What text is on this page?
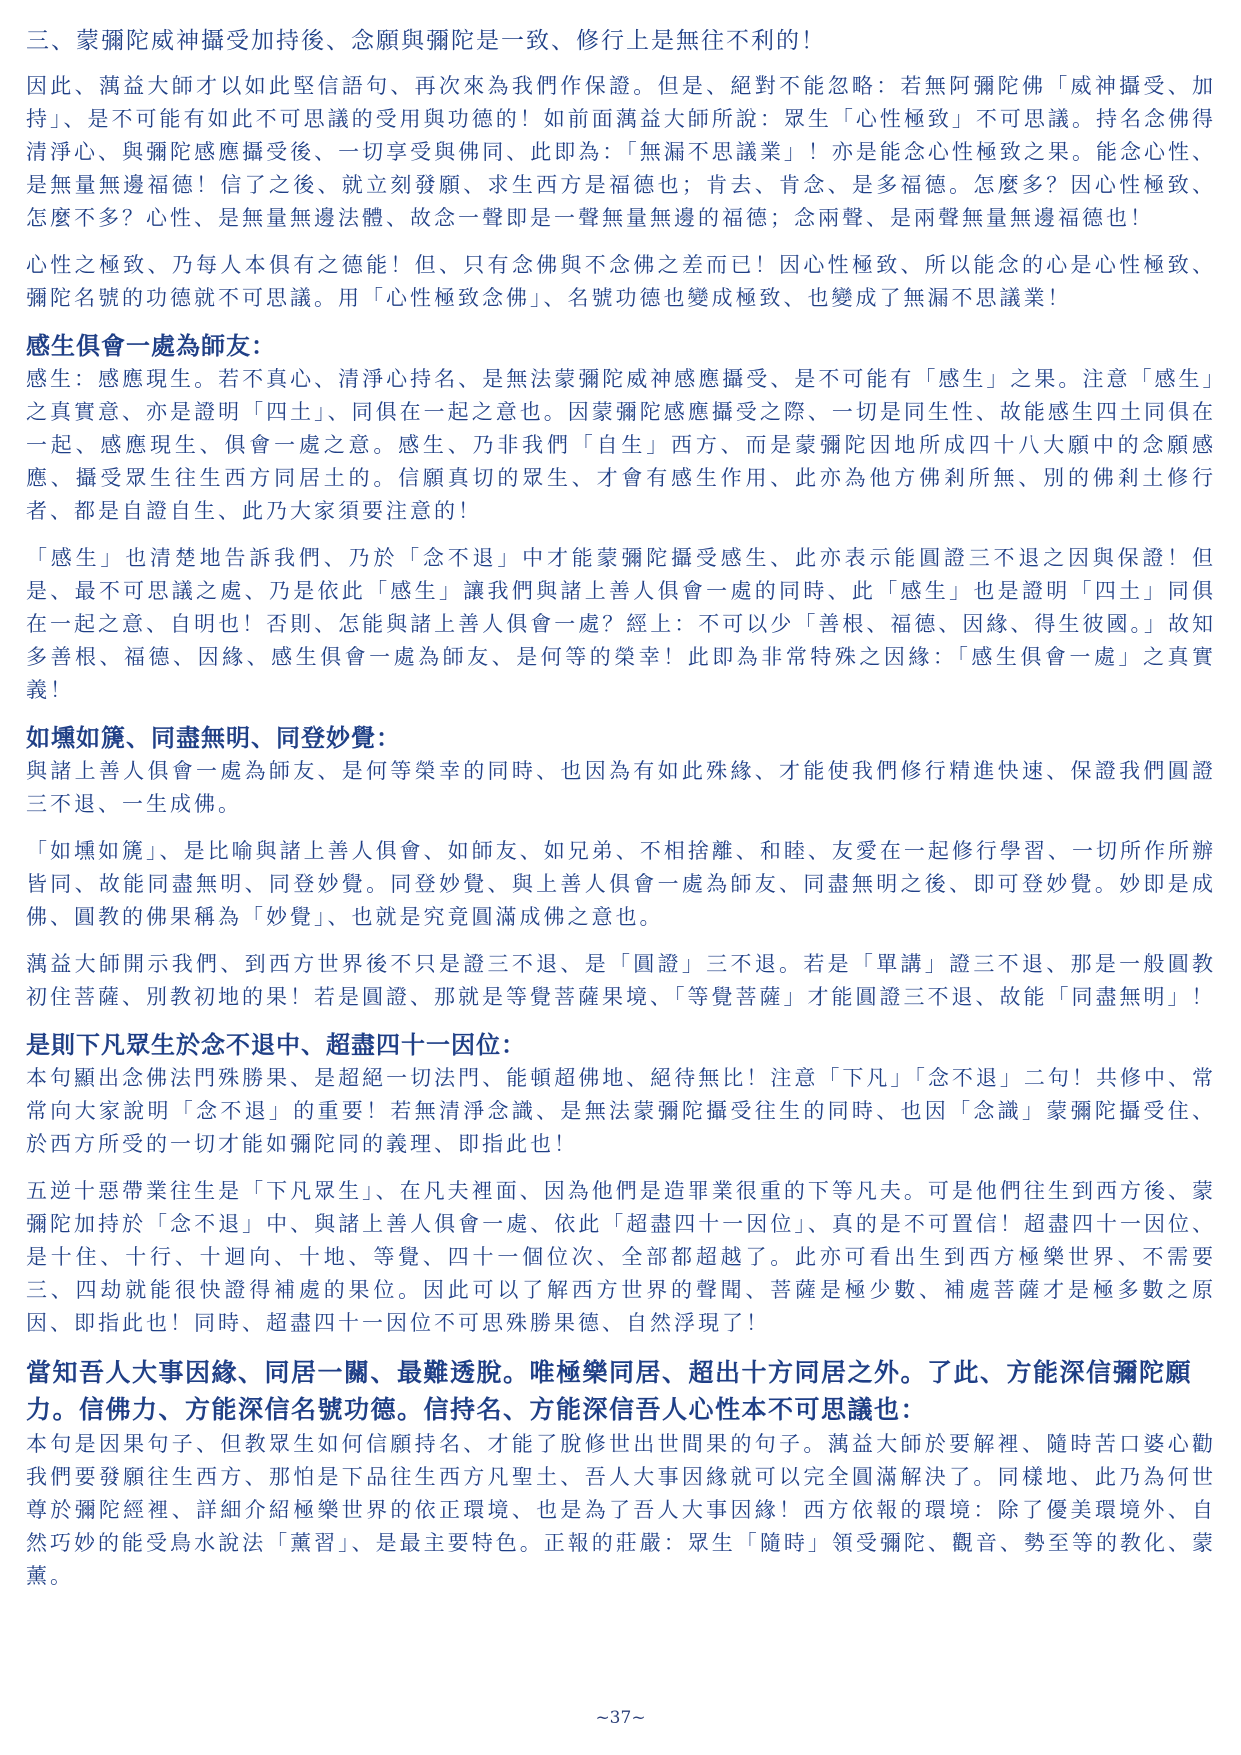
三、蒙彌陀威神攝受加持後、念願與彌陀是一致、修行上是無往不利的！

因此、蕅益大師才以如此堅信語句、再次來為我們作保證。但是、絕對不能忽略：若無阿彌陀佛「威神攝受、加持」、是不可能有如此不可思議的受用與功德的！如前面蕅益大師所說：眾生「心性極致」不可思議。持名念佛得清淨心、與彌陀感應攝受後、一切享受與佛同、此即為：「無漏不思議業」！亦是能念心性極致之果。能念心性、是無量無邊福德！信了之後、就立刻發願、求生西方是福德也；肯去、肯念、是多福德。怎麼多？因心性極致、怎麼不多？心性、是無量無邊法體、故念一聲即是一聲無量無邊的福德；念兩聲、是兩聲無量無邊福德也！

心性之極致、乃每人本俱有之德能！但、只有念佛與不念佛之差而已！因心性極致、所以能念的心是心性極致、彌陀名號的功德就不可思議。用「心性極致念佛」、名號功德也變成極致、也變成了無漏不思議業！

感生俱會一處為師友：

感生：感應現生。若不真心、清淨心持名、是無法蒙彌陀威神感應攝受、是不可能有「感生」之果。注意「感生」之真實意、亦是證明「四土」、同俱在一起之意也。因蒙彌陀感應攝受之際、一切是同生性、故能感生四土同俱在一起、感應現生、俱會一處之意。感生、乃非我們「自生」西方、而是蒙彌陀因地所成四十八大願中的念願感應、攝受眾生往生西方同居土的。信願真切的眾生、才會有感生作用、此亦為他方佛剎所無、別的佛剎土修行者、都是自證自生、此乃大家須要注意的！

「感生」也清楚地告訴我們、乃於「念不退」中才能蒙彌陀攝受感生、此亦表示能圓證三不退之因與保證！但是、最不可思議之處、乃是依此「感生」讓我們與諸上善人俱會一處的同時、此「感生」也是證明「四土」同俱在一起之意、自明也！否則、怎能與諸上善人俱會一處？經上：不可以少「善根、福德、因緣、得生彼國。」故知多善根、福德、因緣、感生俱會一處為師友、是何等的榮幸！此即為非常特殊之因緣：「感生俱會一處」之真實義！

如壎如篪、同盡無明、同登妙覺：

與諸上善人俱會一處為師友、是何等榮幸的同時、也因為有如此殊緣、才能使我們修行精進快速、保證我們圓證三不退、一生成佛。

「如壎如篪」、是比喻與諸上善人俱會、如師友、如兄弟、不相捨離、和睦、友愛在一起修行學習、一切所作所辦皆同、故能同盡無明、同登妙覺。同登妙覺、與上善人俱會一處為師友、同盡無明之後、即可登妙覺。妙即是成佛、圓教的佛果稱為「妙覺」、也就是究竟圓滿成佛之意也。

蕅益大師開示我們、到西方世界後不只是證三不退、是「圓證」三不退。若是「單講」證三不退、那是一般圓教初住菩薩、別教初地的果！若是圓證、那就是等覺菩薩果境、「等覺菩薩」才能圓證三不退、故能「同盡無明」！

是則下凡眾生於念不退中、超盡四十一因位：

本句顯出念佛法門殊勝果、是超絕一切法門、能頓超佛地、絕待無比！注意「下凡」「念不退」二句！共修中、常常向大家說明「念不退」的重要！若無清淨念識、是無法蒙彌陀攝受往生的同時、也因「念識」蒙彌陀攝受住、於西方所受的一切才能如彌陀同的義理、即指此也！

五逆十惡帶業往生是「下凡眾生」、在凡夫裡面、因為他們是造罪業很重的下等凡夫。可是他們往生到西方後、蒙彌陀加持於「念不退」中、與諸上善人俱會一處、依此「超盡四十一因位」、真的是不可置信！超盡四十一因位、是十住、十行、十迴向、十地、等覺、四十一個位次、全部都超越了。此亦可看出生到西方極樂世界、不需要三、四劫就能很快證得補處的果位。因此可以了解西方世界的聲聞、菩薩是極少數、補處菩薩才是極多數之原因、即指此也！同時、超盡四十一因位不可思殊勝果德、自然浮現了！

當知吾人大事因緣、同居一關、最難透脫。唯極樂同居、超出十方同居之外。了此、方能深信彌陀願力。信佛力、方能深信名號功德。信持名、方能深信吾人心性本不可思議也：

本句是因果句子、但教眾生如何信願持名、才能了脫修世出世間果的句子。蕅益大師於要解裡、隨時苦口婆心勸我們要發願往生西方、那怕是下品往生西方凡聖土、吾人大事因緣就可以完全圓滿解決了。同樣地、此乃為何世尊於彌陀經裡、詳細介紹極樂世界的依正環境、也是為了吾人大事因緣！西方依報的環境：除了優美環境外、自然巧妙的能受鳥水說法「薰習」、是最主要特色。正報的莊嚴：眾生「隨時」領受彌陀、觀音、勢至等的教化、蒙薰。

~37~
